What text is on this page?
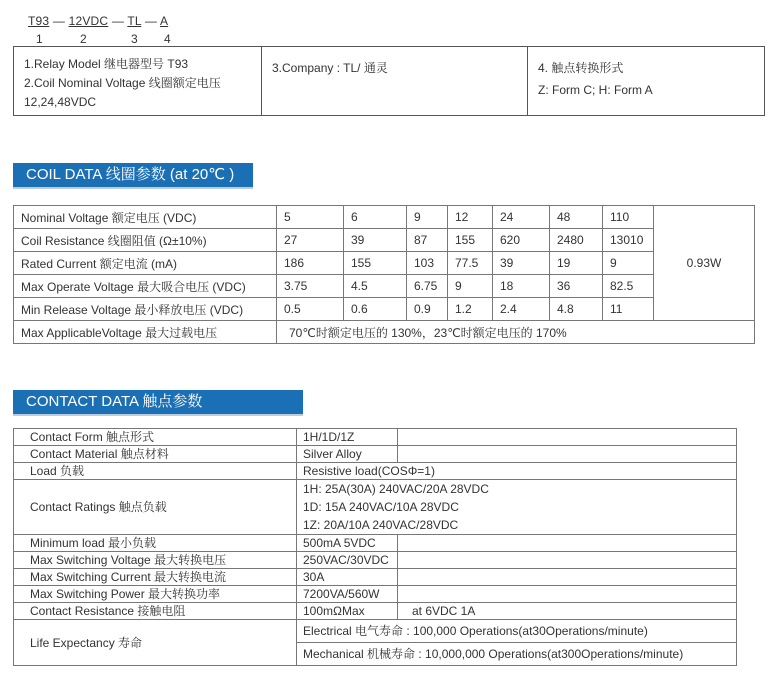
T93 — 12VDC — TL — A
1	2	3 4
1.Relay Model 继电器型号 T93
2.Coil Nominal Voltage 线圈额定电压
12,24,48VDC
3.Company : TL/ 通灵	4. 触点转换形式
Z: Form C; H: Form A
COIL DATA 线圈参数 (at 20℃ )
Nominal Voltage 额定电压 (VDC)	5	6	9	12	24	48	110	0.93W
Coil Resistance 线圈阻值 (Ω±10%)	27	39	87	155	620	2480	13010	
Rated Current 额定电流 (mA)	186	155	103	77.5	39	19	9	
Max Operate Voltage 最大吸合电压 (VDC)	3.75	4.5	6.75	9	18	36	82.5	
Min Release Voltage 最小释放电压 (VDC)	0.5	0.6	0.9	1.2	2.4	4.8	11	
Max ApplicableVoltage 最大过载电压	70℃时额定电压的 130%，23℃时额定电压的 170%							
CONTACT DATA 触点参数
Contact Form 触点形式	1H/1D/1Z	
Contact Material 触点材料	Silver Alloy	
Load 负载	Resistive load(COSΦ=1)	
Contact Ratings 触点负载	1H: 25A(30A) 240VAC/20A 28VDC
1D: 15A 240VAC/10A 28VDC
1Z: 20A/10A 240VAC/28VDC	

Minimum load 最小负载	500mA 5VDC	
Max Switching Voltage 最大转换电压	250VAC/30VDC	
Max Switching Current 最大转换电流	30A	
Max Switching Power 最大转换功率	7200VA/560W	
Contact Resistance 接触电阻	100mΩMax	at 6VDC 1A
Life Expectancy 寿命	Electrical 电气寿命 : 100,000 Operations(at30Operations/minute)	
	Mechanical 机械寿命 : 10,000,000 Operations(at300Operations/minute)	
